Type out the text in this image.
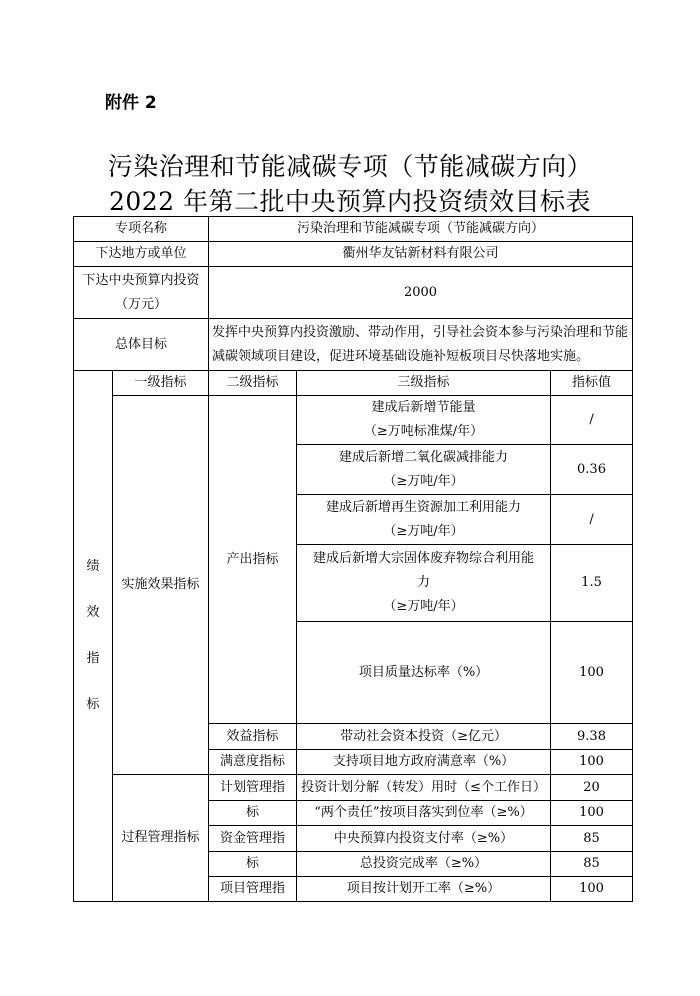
附件 2
污染治理和节能减碳专项（节能减碳方向）
2022 年第二批中央预算内投资绩效目标表
专项名称		污染治理和节能减碳专项（节能减碳方向）		
下达地方或单位		衢州华友钴新材料有限公司		

下达中央预算内投资
（万元）		2000		
总体目标		发挥中央预算内投资激励、带动作用，引导社会资本参与污染治理和节能减碳领域项目建设，促进环境基础设施补短板项目尽快落地实施。		

绩
效
指
标	一级指标	二级指标	三级指标	指标值
	实施效果指标	产出指标	建成后新增节能量
（≥万吨标准煤/年）	/

			建成后新增二氧化碳减排能力
（≥万吨/年）	0.36

			建成后新增再生资源加工利用能力
（≥万吨/年）	/

			建成后新增大宗固体废弃物综合利用能
力
（≥万吨/年）	1.5
			项目质量达标率（%）	100
		效益指标	带动社会资本投资（≥亿元）	9.38
		满意度指标	支持项目地方政府满意率（%）	100
	过程管理指标	计划管理指	投资计划分解（转发）用时（≤个工作日）	20
		标	“两个责任”按项目落实到位率（≥%）	100
		资金管理指	中央预算内投资支付率（≥%）	85
		标	总投资完成率（≥%）	85
		项目管理指	项目按计划开工率（≥%）	100
